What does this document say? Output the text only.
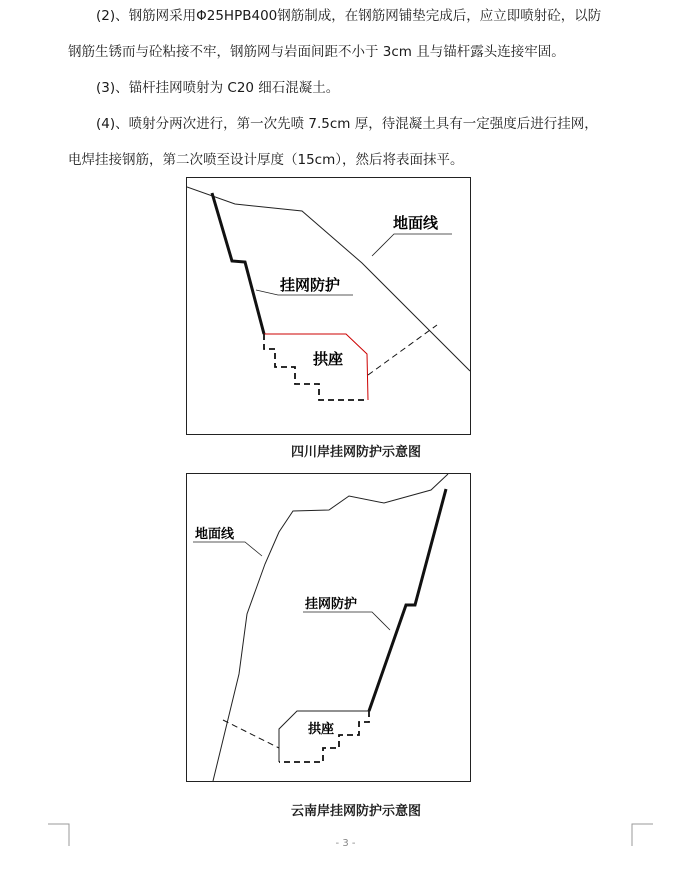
(2)、钢筋网采用Φ25HPB400钢筋制成，在钢筋网铺垫完成后，应立即喷射砼，以防
钢筋生锈而与砼粘接不牢，钢筋网与岩面间距不小于 3cm 且与锚杆露头连接牢固。
(3)、锚杆挂网喷射为 C20 细石混凝土。
(4)、喷射分两次进行，第一次先喷 7.5cm 厚，待混凝土具有一定强度后进行挂网，
电焊挂接钢筋，第二次喷至设计厚度（15cm），然后将表面抹平。
地面线
挂网防护
拱座
四川岸挂网防护示意图
地面线
挂网防护
拱座
云南岸挂网防护示意图
- 3 -
